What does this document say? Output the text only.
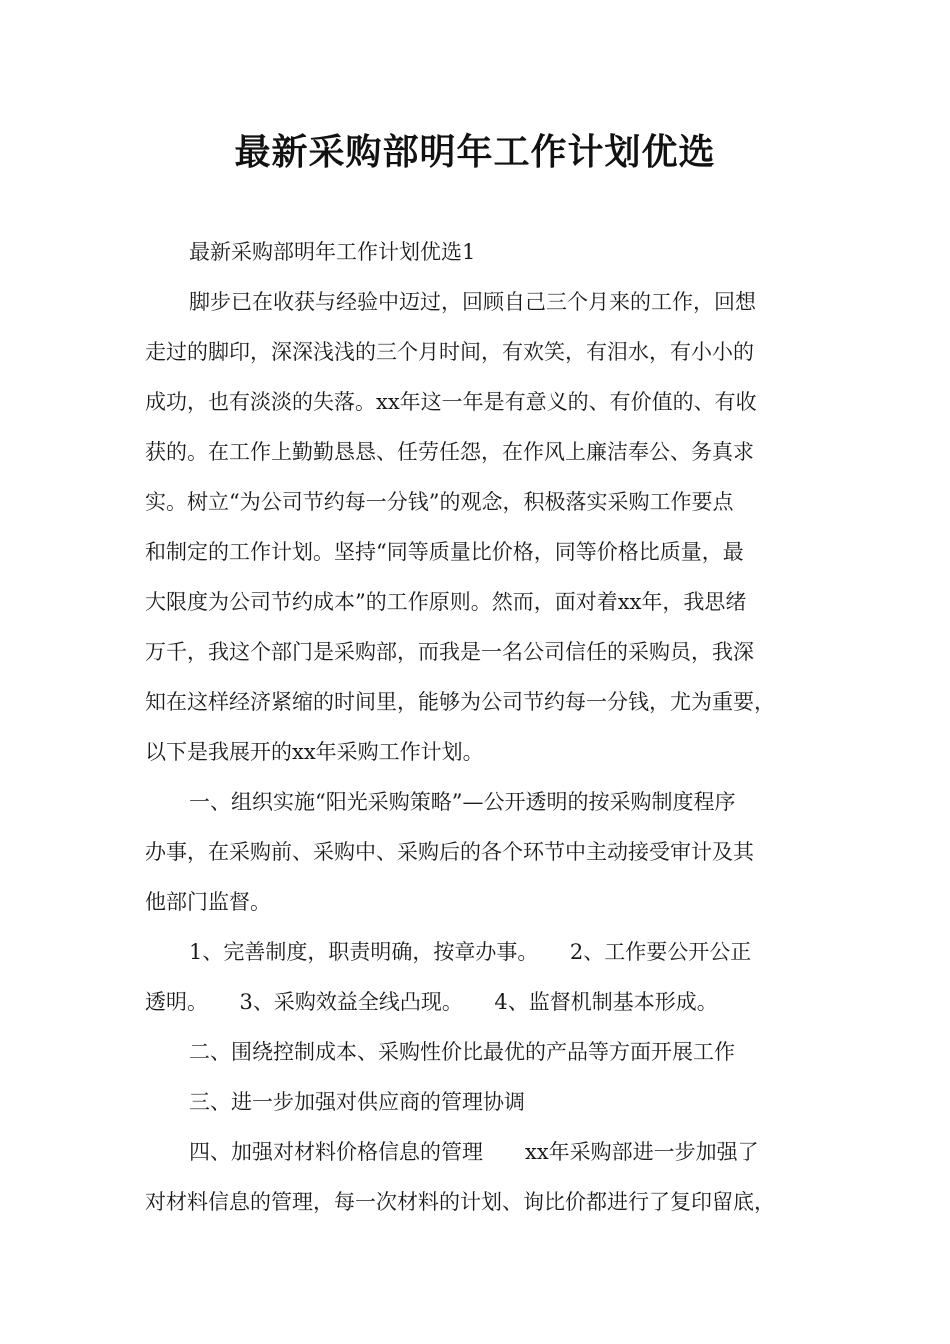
最新采购部明年工作计划优选

最新采购部明年工作计划优选1

脚步已在收获与经验中迈过，回顾自己三个月来的工作，回想
走过的脚印，深深浅浅的三个月时间，有欢笑，有泪水，有小小的
成功，也有淡淡的失落。xx年这一年是有意义的、有价值的、有收
获的。在工作上勤勤恳恳、任劳任怨，在作风上廉洁奉公、务真求
实。树立“为公司节约每一分钱”的观念，积极落实采购工作要点
和制定的工作计划。坚持“同等质量比价格，同等价格比质量，最
大限度为公司节约成本”的工作原则。然而，面对着xx年，我思绪
万千，我这个部门是采购部，而我是一名公司信任的采购员，我深
知在这样经济紧缩的时间里，能够为公司节约每一分钱，尤为重要，
以下是我展开的xx年采购工作计划。

一、组织实施“阳光采购策略”—公开透明的按采购制度程序
办事，在采购前、采购中、采购后的各个环节中主动接受审计及其
他部门监督。

1、完善制度，职责明确，按章办事。　　2、工作要公开公正
透明。　　3、采购效益全线凸现。　　4、监督机制基本形成。

二、围绕控制成本、采购性价比最优的产品等方面开展工作

三、进一步加强对供应商的管理协调

四、加强对材料价格信息的管理　　xx年采购部进一步加强了
对材料信息的管理，每一次材料的计划、询比价都进行了复印留底，
